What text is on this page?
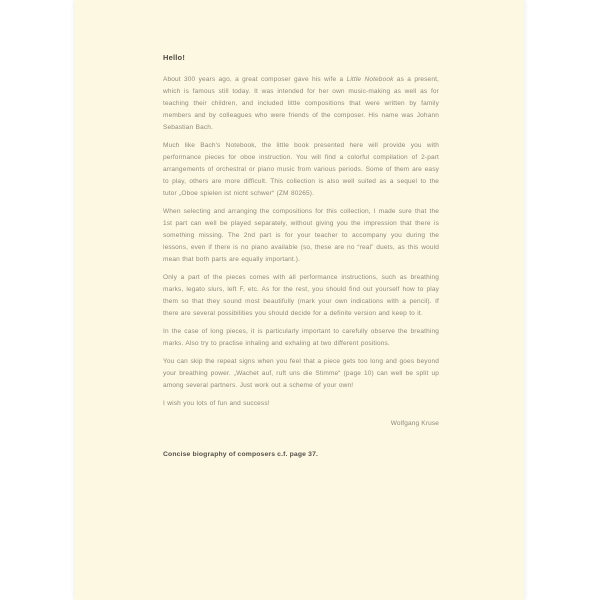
Hello!

About 300 years ago, a great composer gave his wife a Little Notebook as a present, which is famous still today. It was intended for her own music-making as well as for teaching their children, and included little compositions that were written by family members and by colleagues who were friends of the composer. His name was Johann Sebastian Bach.

Much like Bach's Notebook, the little book presented here will provide you with performance pieces for oboe instruction. You will find a colorful compilation of 2-part arrangements of orchestral or piano music from various periods. Some of them are easy to play, others are more difficult. This collection is also well suited as a sequel to the tutor „Oboe spielen ist nicht schwer“ (ZM 80265).

When selecting and arranging the compositions for this collection, I made sure that the 1st part can well be played separately, without giving you the impression that there is something missing. The 2nd part is for your teacher to accompany you during the lessons, even if there is no piano available (so, these are no “real” duets, as this would mean that both parts are equally important.).

Only a part of the pieces comes with all performance instructions, such as breathing marks, legato slurs, left F, etc. As for the rest, you should find out yourself how to play them so that they sound most beautifully (mark your own indications with a pencil). If there are several possibilities you should decide for a definite version and keep to it.

In the case of long pieces, it is particularly important to carefully observe the breathing marks. Also try to practise inhaling and exhaling at two different positions.

You can skip the repeat signs when you feel that a piece gets too long and goes beyond your breathing power. „Wachet auf, ruft uns die Stimme“ (page 10) can well be split up among several partners. Just work out a scheme of your own!

I wish you lots of fun and success!

Wolfgang Kruse

Concise biography of composers c.f. page 37.
